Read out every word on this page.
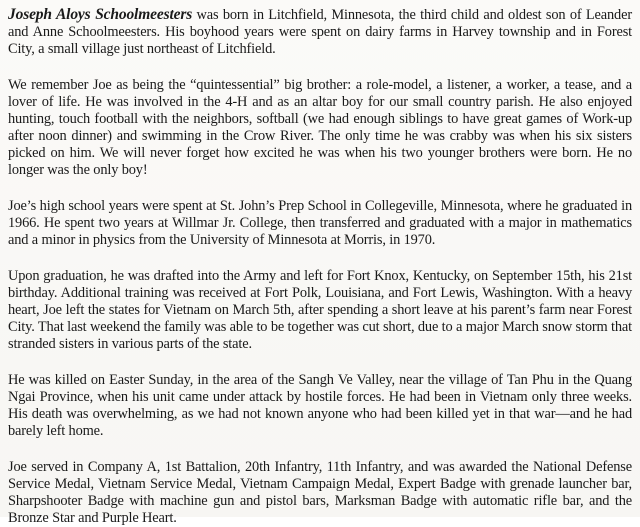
Joseph Aloys Schoolmeesters was born in Litchfield, Minnesota, the third child and oldest son of Leander and Anne Schoolmeesters. His boyhood years were spent on dairy farms in Harvey township and in Forest City, a small village just northeast of Litchfield.

We remember Joe as being the “quintessential” big brother: a role-model, a listener, a worker, a tease, and a lover of life. He was involved in the 4-H and as an altar boy for our small country parish. He also enjoyed hunting, touch football with the neighbors, softball (we had enough siblings to have great games of Work-up after noon dinner) and swimming in the Crow River. The only time he was crabby was when his six sisters picked on him. We will never forget how excited he was when his two younger brothers were born. He no longer was the only boy!

Joe’s high school years were spent at St. John’s Prep School in Collegeville, Minnesota, where he graduated in 1966. He spent two years at Willmar Jr. College, then transferred and graduated with a major in mathematics and a minor in physics from the University of Minnesota at Morris, in 1970.

Upon graduation, he was drafted into the Army and left for Fort Knox, Kentucky, on September 15th, his 21st birthday. Additional training was received at Fort Polk, Louisiana, and Fort Lewis, Washington. With a heavy heart, Joe left the states for Vietnam on March 5th, after spending a short leave at his parent’s farm near Forest City. That last weekend the family was able to be together was cut short, due to a major March snow storm that stranded sisters in various parts of the state.

He was killed on Easter Sunday, in the area of the Sangh Ve Valley, near the village of Tan Phu in the Quang Ngai Province, when his unit came under attack by hostile forces. He had been in Vietnam only three weeks. His death was overwhelming, as we had not known anyone who had been killed yet in that war—and he had barely left home.

Joe served in Company A, 1st Battalion, 20th Infantry, 11th Infantry, and was awarded the National Defense Service Medal, Vietnam Service Medal, Vietnam Campaign Medal, Expert Badge with grenade launcher bar, Sharpshooter Badge with machine gun and pistol bars, Marksman Badge with automatic rifle bar, and the Bronze Star and Purple Heart.
